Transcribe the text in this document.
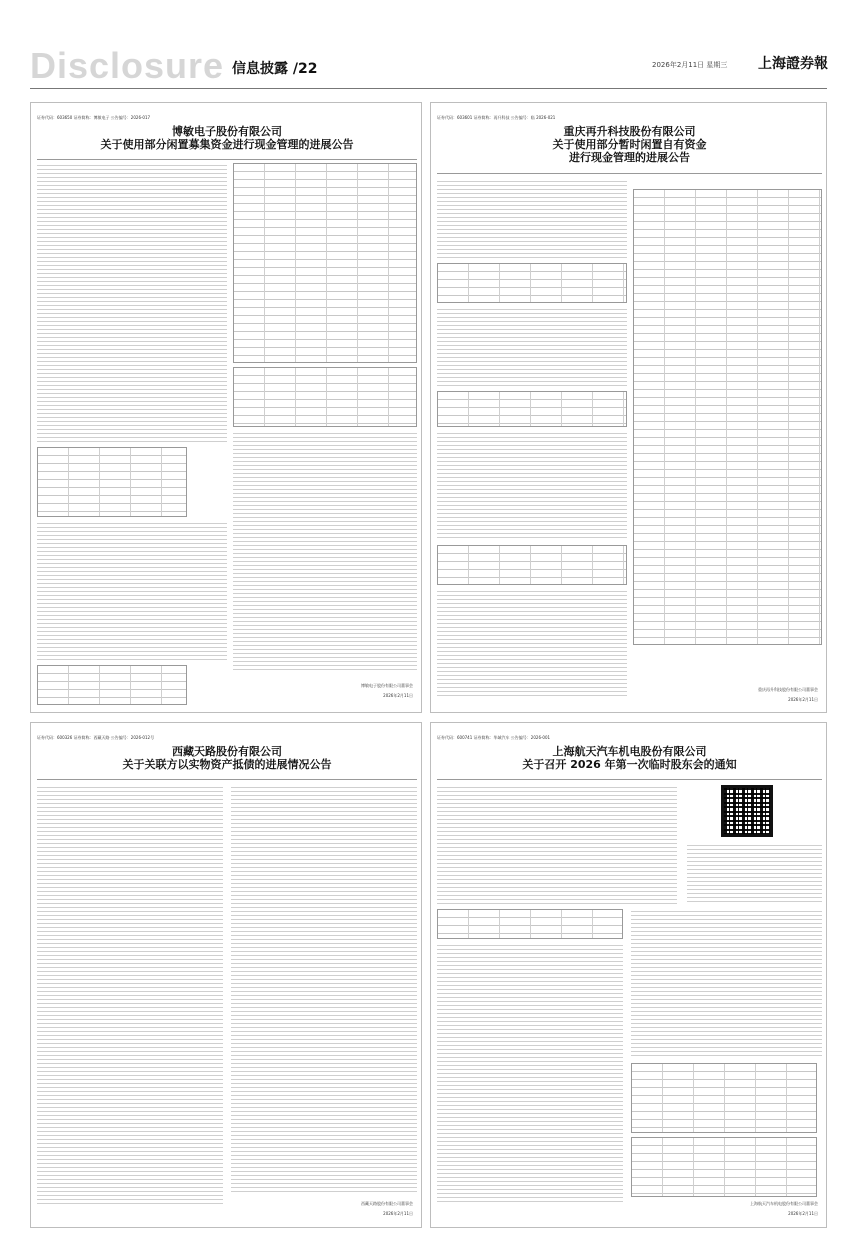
Disclosure 信息披露 /22	2026年2月11日 星期三 上海證券報
证券代码：603650 证券简称：博敏电子 公告编号：2026-017
博敏电子股份有限公司
关于使用部分闲置募集资金进行现金管理的进展公告
博敏电子股份有限公司董事会
2026年2月11日
证券代码：603601 证券简称：再升科技 公告编号：临 2026-021
重庆再升科技股份有限公司
关于使用部分暂时闲置自有资金
进行现金管理的进展公告
重庆再升科技股份有限公司董事会
2026年2月11日
证券代码：600326 证券简称：西藏天路 公告编号：2026-012号
西藏天路股份有限公司
关于关联方以实物资产抵债的进展情况公告
西藏天路股份有限公司董事会
2026年2月11日
证券代码：600741 证券简称：华域汽车 公告编号：2026-001
上海航天汽车机电股份有限公司
关于召开 2026 年第一次临时股东会的通知
上海航天汽车机电股份有限公司董事会
2026年2月11日
